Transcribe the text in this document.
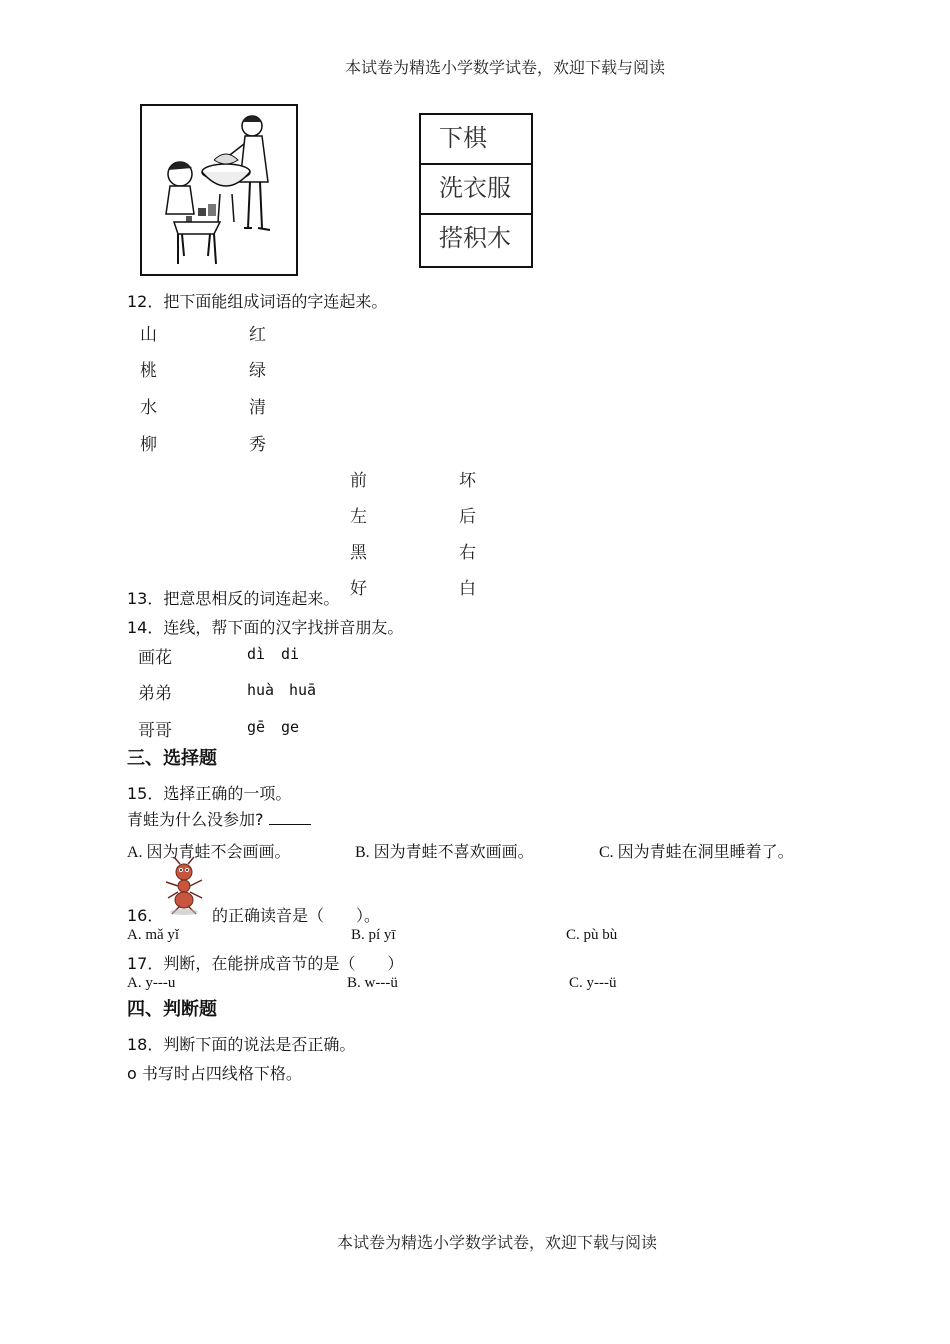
本试卷为精选小学数学试卷，欢迎下载与阅读
下棋
洗衣服
搭积木
12．把下面能组成词语的字连起来。
山
桃
水
柳
红
绿
清
秀
前
左
黑
好
坏
后
右
白
13．把意思相反的词连起来。
14．连线，帮下面的汉字找拼音朋友。
画花
弟弟
哥哥
dì di
huà huā
gē ge
三、选择题
15．选择正确的一项。
青蛙为什么没参加?
A. 因为青蛙不会画画。	B. 因为青蛙不喜欢画画。	C. 因为青蛙在洞里睡着了。
16．	的正确读音是（　　）。
A. mǎ yǐ	B. pí yī	C. pù bù
17．判断，在能拼成音节的是（　　）
A. y---u	B. w---ü	C. y---ü
四、判断题
18．判断下面的说法是否正确。
o 书写时占四线格下格。
本试卷为精选小学数学试卷，欢迎下载与阅读
